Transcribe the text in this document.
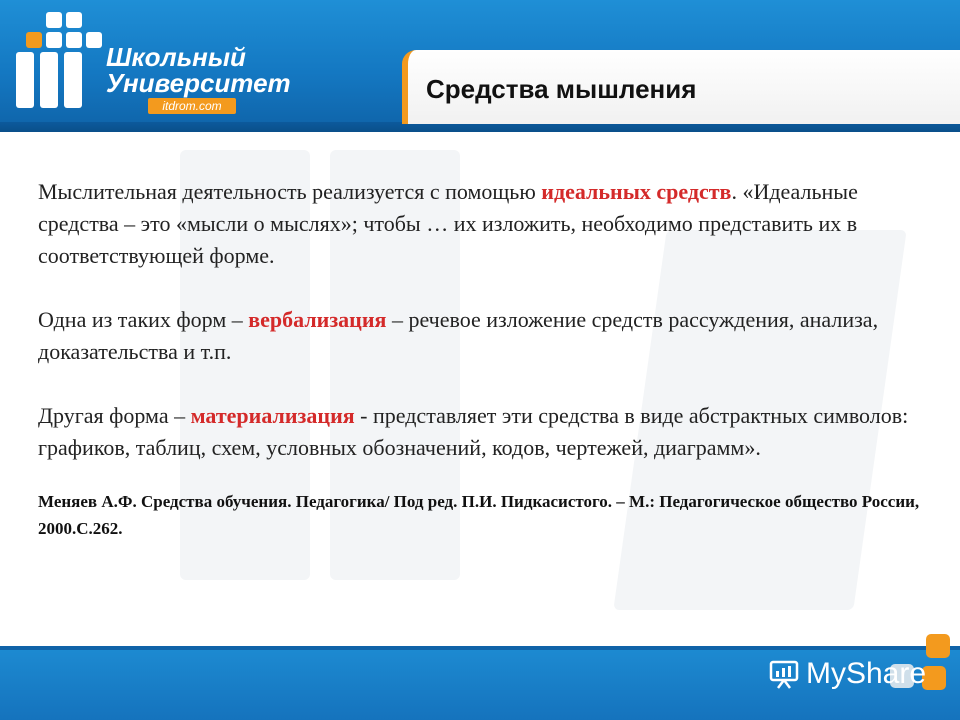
Школьный
Университет
itdrom.com
Средства мышления

Мыслительная деятельность реализуется с помощью идеальных средств. «Идеальные средства – это «мысли о мыслях»; чтобы … их изложить, необходимо представить их в соответствующей форме.

Одна из таких форм – вербализация – речевое изложение средств рассуждения, анализа, доказательства и т.п.

Другая форма – материализация - представляет эти средства в виде абстрактных символов: графиков, таблиц, схем, условных обозначений, кодов, чертежей, диаграмм».

Меняев А.Ф. Средства обучения. Педагогика/ Под ред. П.И. Пидкасистого. – М.: Педагогическое общество России, 2000.С.262.
MyShare
